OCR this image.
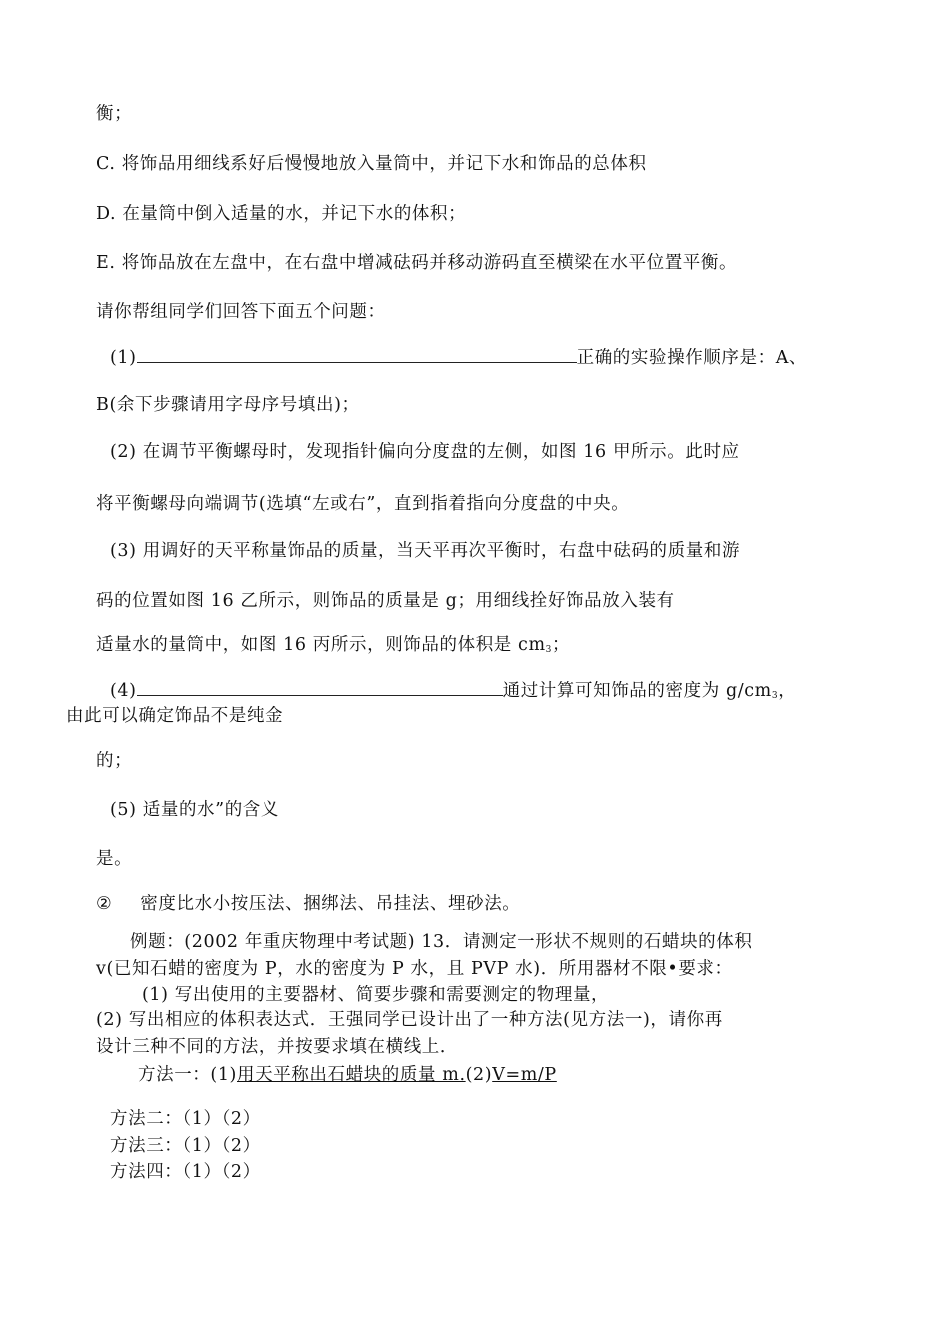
衡；
C. 将饰品用细线系好后慢慢地放入量筒中，并记下水和饰品的总体积
D. 在量筒中倒入适量的水，并记下水的体积；
E. 将饰品放在左盘中，在右盘中增减砝码并移动游码直至横梁在水平位置平衡。
请你帮组同学们回答下面五个问题：
(1)	正确的实验操作顺序是：A、
B(余下步骤请用字母序号填出)；
(2) 在调节平衡螺母时，发现指针偏向分度盘的左侧，如图 16 甲所示。此时应
将平衡螺母向端调节(选填“左或右”，直到指着指向分度盘的中央。
(3) 用调好的天平称量饰品的质量，当天平再次平衡时，右盘中砝码的质量和游
码的位置如图 16 乙所示，则饰品的质量是 g；用细线拴好饰品放入装有
适量水的量筒中，如图 16 丙所示，则饰品的体积是 $cm_3$；
(4)	通过计算可知饰品的密度为 $g/cm_3$，
由此可以确定饰品不是纯金
的；
(5) 适量的水”的含义
是。
② 密度比水小按压法、捆绑法、吊挂法、埋砂法。
例题：(2002 年重庆物理中考试题) 13．请测定一形状不规则的石蜡块的体积
v(已知石蜡的密度为 P，水的密度为 P 水，且 PVP 水)．所用器材不限•要求：
(1) 写出使用的主要器材、简要步骤和需要测定的物理量，
(2) 写出相应的体积表达式．王强同学已设计出了一种方法(见方法一)，请你再
设计三种不同的方法，并按要求填在横线上．
方法一：(1)用天平称出石蜡块的质量 m.(2)V=m/P
方法二：（1）（2）
方法三：（1）（2）
方法四：（1）（2）
